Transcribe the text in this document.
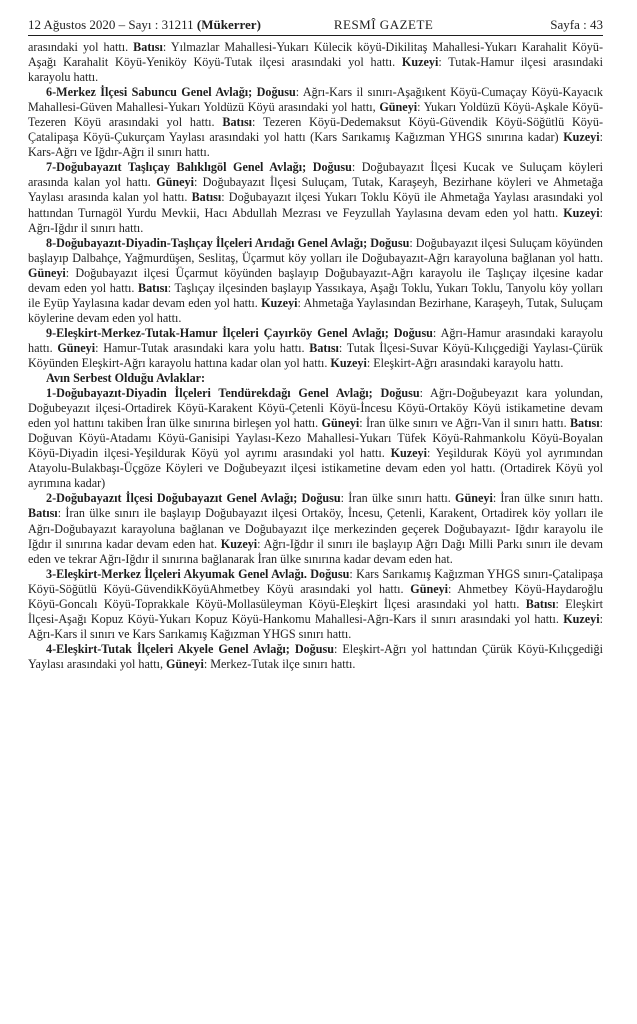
12 Ağustos 2020 – Sayı : 31211 (Mükerrer)	RESMÎ GAZETE	Sayfa : 43

arasındaki yol hattı. Batısı: Yılmazlar Mahallesi-Yukarı Külecik köyü-Dikilitaş Mahallesi-Yukarı Karahalit Köyü-Aşağı Karahalit Köyü-Yeniköy Köyü-Tutak ilçesi arasındaki yol hattı. Kuzeyi: Tutak-Hamur ilçesi arasındaki karayolu hattı.

6-Merkez İlçesi Sabuncu Genel Avlağı; Doğusu: Ağrı-Kars il sınırı-Aşağıkent Köyü-Cumaçay Köyü-Kayacık Mahallesi-Güven Mahallesi-Yukarı Yoldüzü Köyü arasındaki yol hattı, Güneyi: Yukarı Yoldüzü Köyü-Aşkale Köyü-Tezeren Köyü arasındaki yol hattı. Batısı: Tezeren Köyü-Dedemaksut Köyü-Güvendik Köyü-Söğütlü Köyü-Çatalipaşa Köyü-Çukurçam Yaylası arasındaki yol hattı (Kars Sarıkamış Kağızman YHGS sınırına kadar) Kuzeyi: Kars-Ağrı ve Iğdır-Ağrı il sınırı hattı.

7-Doğubayazıt Taşlıçay Balıklıgöl Genel Avlağı; Doğusu: Doğubayazıt İlçesi Kucak ve Suluçam köyleri arasında kalan yol hattı. Güneyi: Doğubayazıt İlçesi Suluçam, Tutak, Karaşeyh, Bezirhane köyleri ve Ahmetağa Yaylası arasında kalan yol hattı. Batısı: Doğubayazıt ilçesi Yukarı Toklu Köyü ile Ahmetağa Yaylası arasındaki yol hattından Turnagöl Yurdu Mevkii, Hacı Abdullah Mezrası ve Feyzullah Yaylasına devam eden yol hattı. Kuzeyi: Ağrı-Iğdır il sınırı hattı.

8-Doğubayazıt-Diyadin-Taşlıçay İlçeleri Arıdağı Genel Avlağı; Doğusu: Doğubayazıt ilçesi Suluçam köyünden başlayıp Dalbahçe, Yağmurdüşen, Seslitaş, Üçarmut köy yolları ile Doğubayazıt-Ağrı karayoluna bağlanan yol hattı. Güneyi: Doğubayazıt ilçesi Üçarmut köyünden başlayıp Doğubayazıt-Ağrı karayolu ile Taşlıçay ilçesine kadar devam eden yol hattı. Batısı: Taşlıçay ilçesinden başlayıp Yassıkaya, Aşağı Toklu, Yukarı Toklu, Tanyolu köy yolları ile Eyüp Yaylasına kadar devam eden yol hattı. Kuzeyi: Ahmetağa Yaylasından Bezirhane, Karaşeyh, Tutak, Suluçam köylerine devam eden yol hattı.

9-Eleşkirt-Merkez-Tutak-Hamur İlçeleri Çayırköy Genel Avlağı; Doğusu: Ağrı-Hamur arasındaki karayolu hattı. Güneyi: Hamur-Tutak arasındaki kara yolu hattı. Batısı: Tutak İlçesi-Suvar Köyü-Kılıçgediği Yaylası-Çürük Köyünden Eleşkirt-Ağrı karayolu hattına kadar olan yol hattı. Kuzeyi: Eleşkirt-Ağrı arasındaki karayolu hattı.

Avın Serbest Olduğu Avlaklar:

1-Doğubayazıt-Diyadin İlçeleri Tendürekdağı Genel Avlağı; Doğusu: Ağrı-Doğubeyazıt kara yolundan, Doğubeyazıt ilçesi-Ortadirek Köyü-Karakent Köyü-Çetenli Köyü-İncesu Köyü-Ortaköy Köyü istikametine devam eden yol hattını takiben İran ülke sınırına birleşen yol hattı. Güneyi: İran ülke sınırı ve Ağrı-Van il sınırı hattı. Batısı: Doğuvan Köyü-Atadamı Köyü-Ganisipi Yaylası-Kezo Mahallesi-Yukarı Tüfek Köyü-Rahmankolu Köyü-Boyalan Köyü-Diyadin ilçesi-Yeşildurak Köyü yol ayrımı arasındaki yol hattı. Kuzeyi: Yeşildurak Köyü yol ayrımından Atayolu-Bulakbaşı-Üçgöze Köyleri ve Doğubeyazıt ilçesi istikametine devam eden yol hattı. (Ortadirek Köyü yol ayrımına kadar)

2-Doğubayazıt İlçesi Doğubayazıt Genel Avlağı; Doğusu: İran ülke sınırı hattı. Güneyi: İran ülke sınırı hattı. Batısı: İran ülke sınırı ile başlayıp Doğubayazıt ilçesi Ortaköy, İncesu, Çetenli, Karakent, Ortadirek köy yolları ile Ağrı-Doğubayazıt karayoluna bağlanan ve Doğubayazıt ilçe merkezinden geçerek Doğubayazıt- Iğdır karayolu ile Iğdır il sınırına kadar devam eden hat. Kuzeyi: Ağrı-Iğdır il sınırı ile başlayıp Ağrı Dağı Milli Parkı sınırı ile devam eden ve tekrar Ağrı-Iğdır il sınırına bağlanarak İran ülke sınırına kadar devam eden hat.

3-Eleşkirt-Merkez İlçeleri Akyumak Genel Avlağı. Doğusu: Kars Sarıkamış Kağızman YHGS sınırı-Çatalipaşa Köyü-Söğütlü Köyü-GüvendikKöyüAhmetbey Köyü arasındaki yol hattı. Güneyi: Ahmetbey Köyü-Haydaroğlu Köyü-Goncalı Köyü-Toprakkale Köyü-Mollasüleyman Köyü-Eleşkirt İlçesi arasındaki yol hattı. Batısı: Eleşkirt İlçesi-Aşağı Kopuz Köyü-Yukarı Kopuz Köyü-Hankomu Mahallesi-Ağrı-Kars il sınırı arasındaki yol hattı. Kuzeyi: Ağrı-Kars il sınırı ve Kars Sarıkamış Kağızman YHGS sınırı hattı.

4-Eleşkirt-Tutak İlçeleri Akyele Genel Avlağı; Doğusu: Eleşkirt-Ağrı yol hattından Çürük Köyü-Kılıçgediği Yaylası arasındaki yol hattı, Güneyi: Merkez-Tutak ilçe sınırı hattı.
